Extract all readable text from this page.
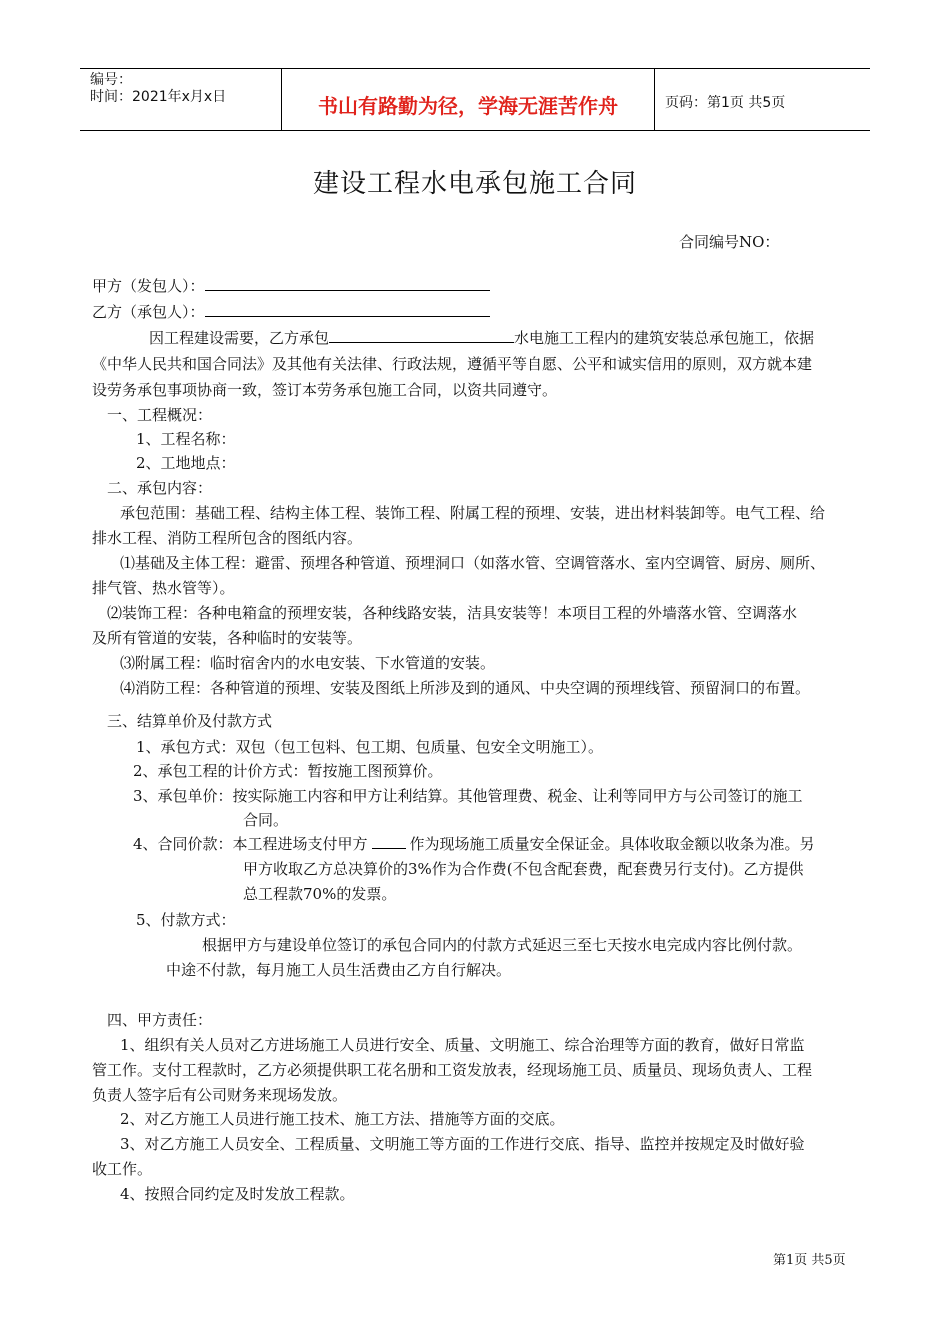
编号：
时间：2021年x月x日	书山有路勤为径，学海无涯苦作舟	页码：第1页 共5页
建设工程水电承包施工合同
合同编号NO：
甲方（发包人）：
乙方（承包人）：
因工程建设需要，乙方承包	水电施工工程内的建筑安装总承包施工，依据
《中华人民共和国合同法》及其他有关法律、行政法规，遵循平等自愿、公平和诚实信用的原则，双方就本建
设劳务承包事项协商一致，签订本劳务承包施工合同，以资共同遵守。
一、工程概况：
1、工程名称：
2、工地地点：
二、承包内容：
承包范围：基础工程、结构主体工程、装饰工程、附属工程的预埋、安装，进出材料装卸等。电气工程、给
排水工程、消防工程所包含的图纸内容。
⑴基础及主体工程：避雷、预埋各种管道、预埋洞口（如落水管、空调管落水、室内空调管、厨房、厕所、
排气管、热水管等）。
⑵装饰工程：各种电箱盒的预埋安装，各种线路安装，洁具安装等！本项目工程的外墙落水管、空调落水
及所有管道的安装，各种临时的安装等。
⑶附属工程：临时宿舍内的水电安装、下水管道的安装。
⑷消防工程：各种管道的预埋、安装及图纸上所涉及到的通风、中央空调的预埋线管、预留洞口的布置。
三、结算单价及付款方式
1、承包方式：双包（包工包料、包工期、包质量、包安全文明施工）。
2、承包工程的计价方式：暂按施工图预算价。
3、承包单价：按实际施工内容和甲方让利结算。其他管理费、税金、让利等同甲方与公司签订的施工
合同。
4、合同价款：本工程进场支付甲方	作为现场施工质量安全保证金。具体收取金额以收条为准。另
甲方收取乙方总决算价的3%作为合作费(不包含配套费，配套费另行支付)。乙方提供
总工程款70%的发票。
5、付款方式：
根据甲方与建设单位签订的承包合同内的付款方式延迟三至七天按水电完成内容比例付款。
中途不付款，每月施工人员生活费由乙方自行解决。
四、甲方责任：
1、组织有关人员对乙方进场施工人员进行安全、质量、文明施工、综合治理等方面的教育，做好日常监
管工作。支付工程款时，乙方必须提供职工花名册和工资发放表，经现场施工员、质量员、现场负责人、工程
负责人签字后有公司财务来现场发放。
2、对乙方施工人员进行施工技术、施工方法、措施等方面的交底。
3、对乙方施工人员安全、工程质量、文明施工等方面的工作进行交底、指导、监控并按规定及时做好验
收工作。
4、按照合同约定及时发放工程款。
第1页 共5页
